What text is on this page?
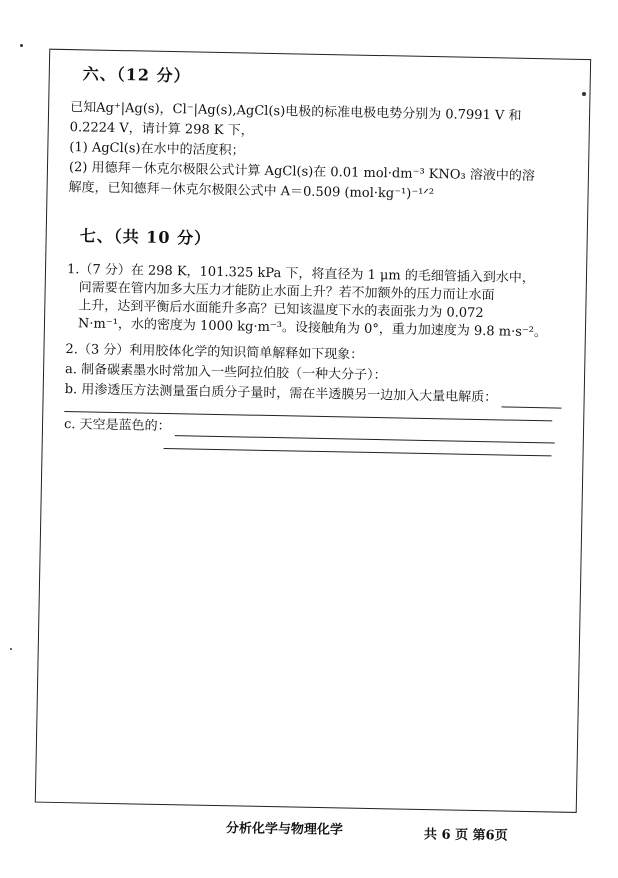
六、（12 分）

已知Ag⁺|Ag(s)，Cl⁻|Ag(s),AgCl(s)电极的标准电极电势分别为 0.7991 V 和

0.2224 V，请计算 298 K 下，

(1) AgCl(s)在水中的活度积；

(2) 用德拜－休克尔极限公式计算 AgCl(s)在 0.01 mol·dm⁻³ KNO₃ 溶液中的溶

解度，已知德拜－休克尔极限公式中 A＝0.509 (mol·kg⁻¹)⁻¹ᐟ²

七、（共 10 分）

1.（7 分）在 298 K，101.325 kPa 下，将直径为 1 μm 的毛细管插入到水中，

问需要在管内加多大压力才能防止水面上升？若不加额外的压力而让水面

上升，达到平衡后水面能升多高？已知该温度下水的表面张力为 0.072

N·m⁻¹，水的密度为 1000 kg·m⁻³。设接触角为 0°，重力加速度为 9.8 m·s⁻²。

2.（3 分）利用胶体化学的知识简单解释如下现象：

a. 制备碳素墨水时常加入一些阿拉伯胶（一种大分子）：
b. 用渗透压方法测量蛋白质分子量时，需在半透膜另一边加入大量电解质：
c. 天空是蓝色的：
分析化学与物理化学	共 6 页 第6页
